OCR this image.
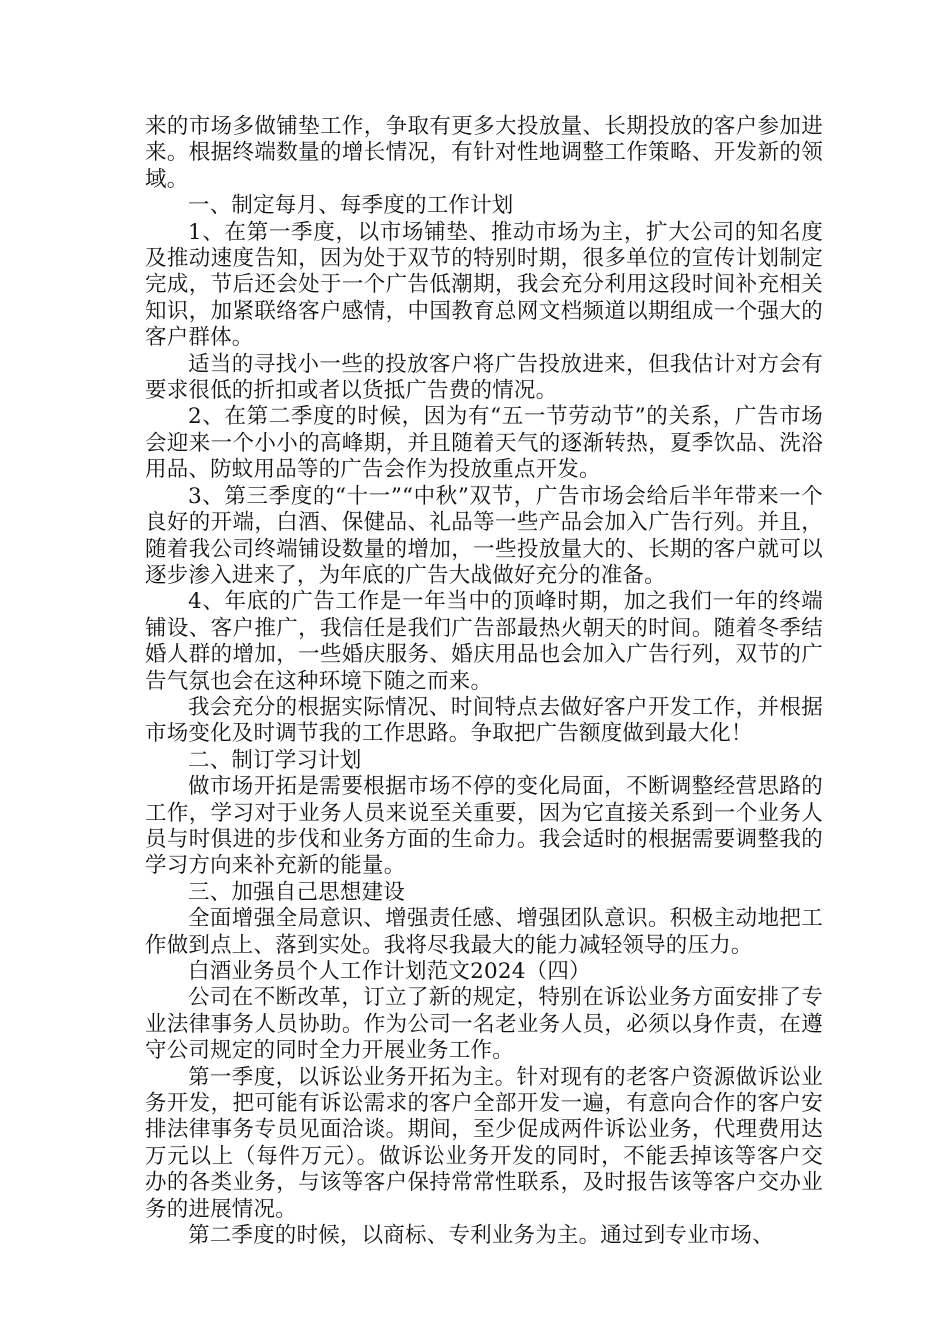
来的市场多做铺垫工作，争取有更多大投放量、长期投放的客户参加进来。根据终端数量的增长情况，有针对性地调整工作策略、开发新的领域。

一、制定每月、每季度的工作计划

1、在第一季度，以市场铺垫、推动市场为主，扩大公司的知名度及推动速度告知，因为处于双节的特别时期，很多单位的宣传计划制定完成，节后还会处于一个广告低潮期，我会充分利用这段时间补充相关知识，加紧联络客户感情，中国教育总网文档频道以期组成一个强大的客户群体。

适当的寻找小一些的投放客户将广告投放进来，但我估计对方会有要求很低的折扣或者以货抵广告费的情况。

2、在第二季度的时候，因为有“五一节劳动节”的关系，广告市场会迎来一个小小的高峰期，并且随着天气的逐渐转热，夏季饮品、洗浴用品、防蚊用品等的广告会作为投放重点开发。

3、第三季度的“十一”“中秋”双节，广告市场会给后半年带来一个良好的开端，白酒、保健品、礼品等一些产品会加入广告行列。并且，随着我公司终端铺设数量的增加，一些投放量大的、长期的客户就可以逐步渗入进来了，为年底的广告大战做好充分的准备。

4、年底的广告工作是一年当中的顶峰时期，加之我们一年的终端铺设、客户推广，我信任是我们广告部最热火朝天的时间。随着冬季结婚人群的增加，一些婚庆服务、婚庆用品也会加入广告行列，双节的广告气氛也会在这种环境下随之而来。

我会充分的根据实际情况、时间特点去做好客户开发工作，并根据市场变化及时调节我的工作思路。争取把广告额度做到最大化！

二、制订学习计划

做市场开拓是需要根据市场不停的变化局面，不断调整经营思路的工作，学习对于业务人员来说至关重要，因为它直接关系到一个业务人员与时俱进的步伐和业务方面的生命力。我会适时的根据需要调整我的学习方向来补充新的能量。

三、加强自己思想建设

全面增强全局意识、增强责任感、增强团队意识。积极主动地把工作做到点上、落到实处。我将尽我最大的能力减轻领导的压力。

白酒业务员个人工作计划范文2024（四）

公司在不断改革，订立了新的规定，特别在诉讼业务方面安排了专业法律事务人员协助。作为公司一名老业务人员，必须以身作责，在遵守公司规定的同时全力开展业务工作。

第一季度，以诉讼业务开拓为主。针对现有的老客户资源做诉讼业务开发，把可能有诉讼需求的客户全部开发一遍，有意向合作的客户安排法律事务专员见面洽谈。期间，至少促成两件诉讼业务，代理费用达万元以上（每件万元）。做诉讼业务开发的同时，不能丢掉该等客户交办的各类业务，与该等客户保持常常性联系，及时报告该等客户交办业务的进展情况。

第二季度的时候，以商标、专利业务为主。通过到专业市场、
